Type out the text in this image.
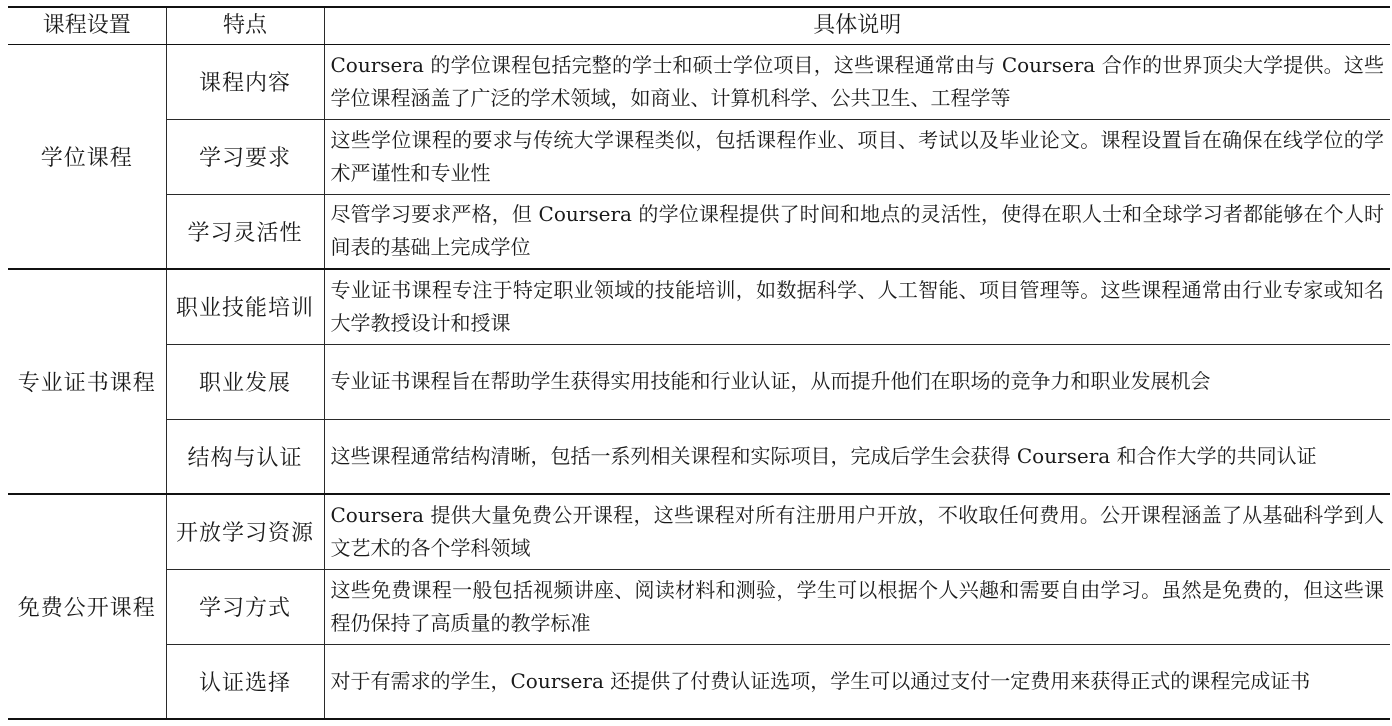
课程设置	特点	具体说明
学位课程	课程内容	Coursera 的学位课程包括完整的学士和硕士学位项目，这些课程通常由与 Coursera 合作的世界顶尖大学提供。这些学位课程涵盖了广泛的学术领域，如商业、计算机科学、公共卫生、工程学等

	学习要求	这些学位课程的要求与传统大学课程类似，包括课程作业、项目、考试以及毕业论文。课程设置旨在确保在线学位的学术严谨性和专业性

	学习灵活性	尽管学习要求严格，但 Coursera 的学位课程提供了时间和地点的灵活性，使得在职人士和全球学习者都能够在个人时间表的基础上完成学位

专业证书课程	职业技能培训	专业证书课程专注于特定职业领域的技能培训，如数据科学、人工智能、项目管理等。这些课程通常由行业专家或知名大学教授设计和授课

	职业发展	专业证书课程旨在帮助学生获得实用技能和行业认证，从而提升他们在职场的竞争力和职业发展机会

	结构与认证	这些课程通常结构清晰，包括一系列相关课程和实际项目，完成后学生会获得 Coursera 和合作大学的共同认证

免费公开课程	开放学习资源	Coursera 提供大量免费公开课程，这些课程对所有注册用户开放，不收取任何费用。公开课程涵盖了从基础科学到人文艺术的各个学科领域

	学习方式	这些免费课程一般包括视频讲座、阅读材料和测验，学生可以根据个人兴趣和需要自由学习。虽然是免费的，但这些课程仍保持了高质量的教学标准

	认证选择	对于有需求的学生，Coursera 还提供了付费认证选项，学生可以通过支付一定费用来获得正式的课程完成证书
